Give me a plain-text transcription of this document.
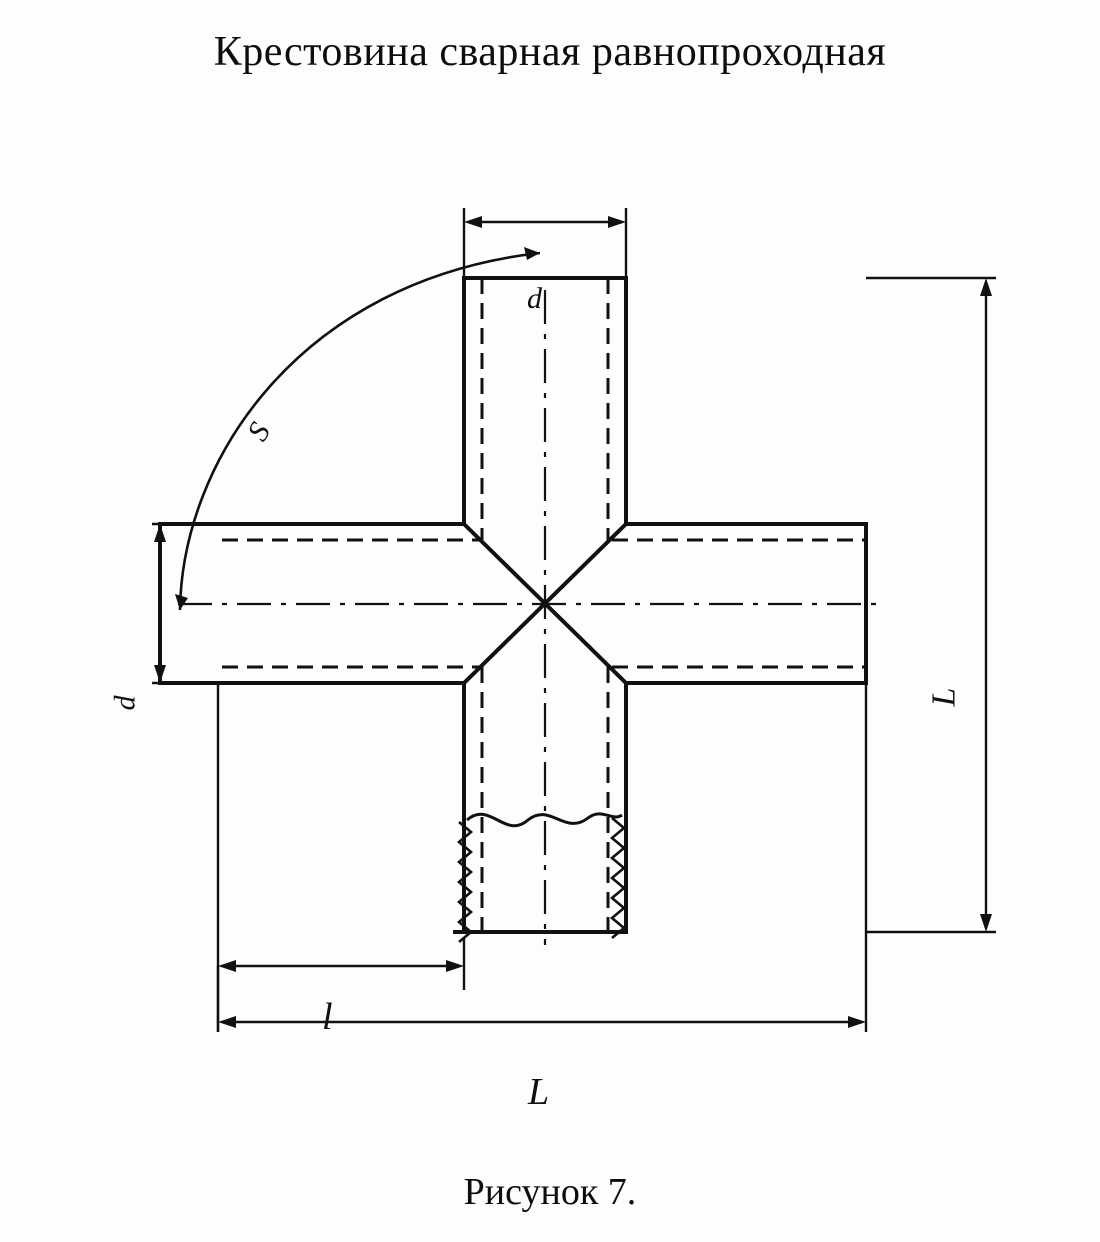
Крестовина сварная равнопроходная
d
d	L
l
L
S
Рисунок 7.
